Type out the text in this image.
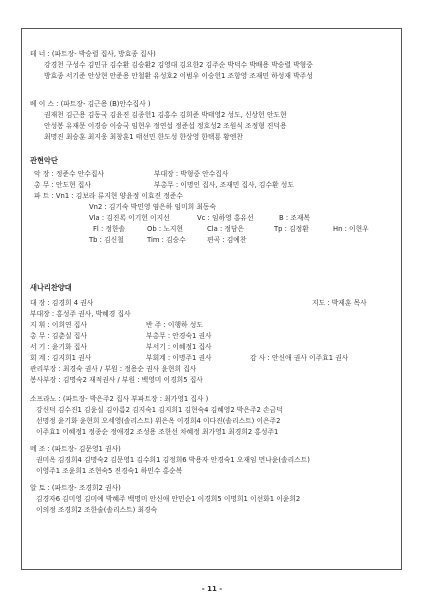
테 너 : (파트장- 박승렬 집사, 방효종 집사)
강경천 구성수 김민규 김수환 김승환2 김영대 김요한2 김주순 박덕수 박배용 박승렬 박형중
방효종 서기준 안상현 안준용 안철환 유성호2 이범우 이승헌1 조항영 조재민 하성재 박주성
베 이 스 : (파트장- 김근용 (B)안수집사 )
권재천 김근용 김동국 김윤진 김종헌1 김홍수 김희준 박태영2 성도, 신상헌 안도현
안성봉 유재문 이경승 이승국 임현우 정연섭 정준섭 정호성2 조원식 조정형 진덕용
최명진 최승훈 최지웅 최창훈1 태선민 한도성 한상영 한택룡 황엔찬
관현악단
악 장 : 정준수 안수집사	부대장 : 박형중 안수집사
총 무 : 안도현 집사	부총무 : 이명인 집사, 조재민 집사, 김수환 성도
파 트 : Vn1 : 김보라 류지현 양윤정 이효진 정준수
Vn2 : 김기숙 박민영 염은하 임미희 최동숙
Vla : 김진록 이기헌 이지선	Vc : 임하영 홍유선	B : 조재복
Fl : 정한솔	Ob : 노지현	Cla : 정담은	Tp : 김정환	Hn : 이현우
Tb : 김신철	Tim : 김승수	편곡 : 김예찬
새나리찬양대
대 장 : 김경희 4 권사	지도 : 박제훈 목사
부대장 : 홍성주 권사, 박혜경 집사
지 휘 : 이희연 집사	반 주 : 이행하 성도
총 무 : 김춘실 집사	부총무 : 안경숙1 권사
서 기 : 윤기화 집사	부서기 : 이혜정1 집사
회 계 : 김지희1 권사	부회계 : 이명주1 권사	감 사 : 안신애 권사 이주효1 권사
관리부장 : 최경숙 권사 / 부원 : 정용순 권사 윤현희 집사
봉사부장 : 김명숙2 재적권사 / 부원 : 백영미 이경희5 집사
소프라노 : (파트장- 박은주2 집사 부파트장 : 최가영1 집사 )
강신덕 김수진1 김윤실 김아름2 김지숙1 김지희1 김현숙4 김혜영2 박은주2 손금덕
선명정 윤기화 윤현희 오세영(솔리스트) 위은옥 이경희4 이다진(솔리스트) 이은주2
이주효1 이혜정1 정종순 정애경2 조성용 조한선 차혜정 최가영1 최경희2 홍성주1
메 조 : (파트장- 김문영1 권사)
권미옥 김경희4 김명숙2 김문영1 김수희1 김정희6 박용자 안경숙1 오재임 먼나윤(솔리스트)
이영주1 조윤희1 조현숙5 진경숙1 하민수 홍순복
알 토 : (파트장- 조경희2 권사)
김경자6 김미영 김미예 박혜주 백명미 안신애 안민순1 이경희5 이명희1 이선화1 이윤희2
이의정 조경희2 조한술(솔리스트) 최경숙
- 11 -
